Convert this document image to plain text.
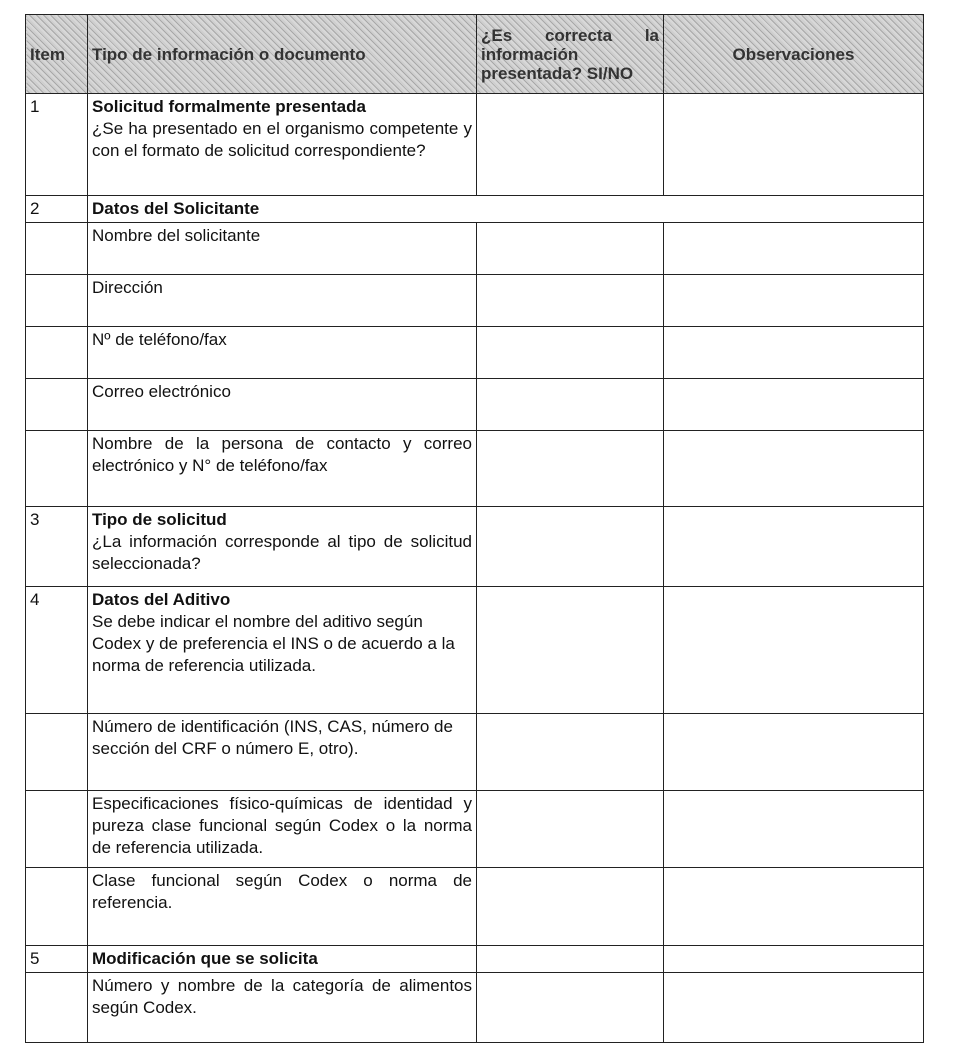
Item	Tipo de información o documento	¿Es correcta la información presentada? SI/NO	Observaciones
1	Solicitud formalmente presentada
¿Se ha presentado en el organismo competente y con el formato de solicitud correspondiente?		
2	Datos del Solicitante		
	Nombre del solicitante		
	Dirección		
	Nº de teléfono/fax		
	Correo electrónico		
	Nombre de la persona de contacto y correo electrónico y N° de teléfono/fax		
3	Tipo de solicitud
¿La información corresponde al tipo de solicitud seleccionada?		
4	Datos del Aditivo
Se debe indicar el nombre del aditivo según Codex y de preferencia el INS o de acuerdo a la norma de referencia utilizada.		
	Número de identificación (INS, CAS, número de sección del CRF o número E, otro).		
	Especificaciones físico-químicas de identidad y pureza clase funcional según Codex o la norma de referencia utilizada.		
	Clase funcional según Codex o norma de referencia.		
5	Modificación que se solicita		
	Número y nombre de la categoría de alimentos según Codex.		
